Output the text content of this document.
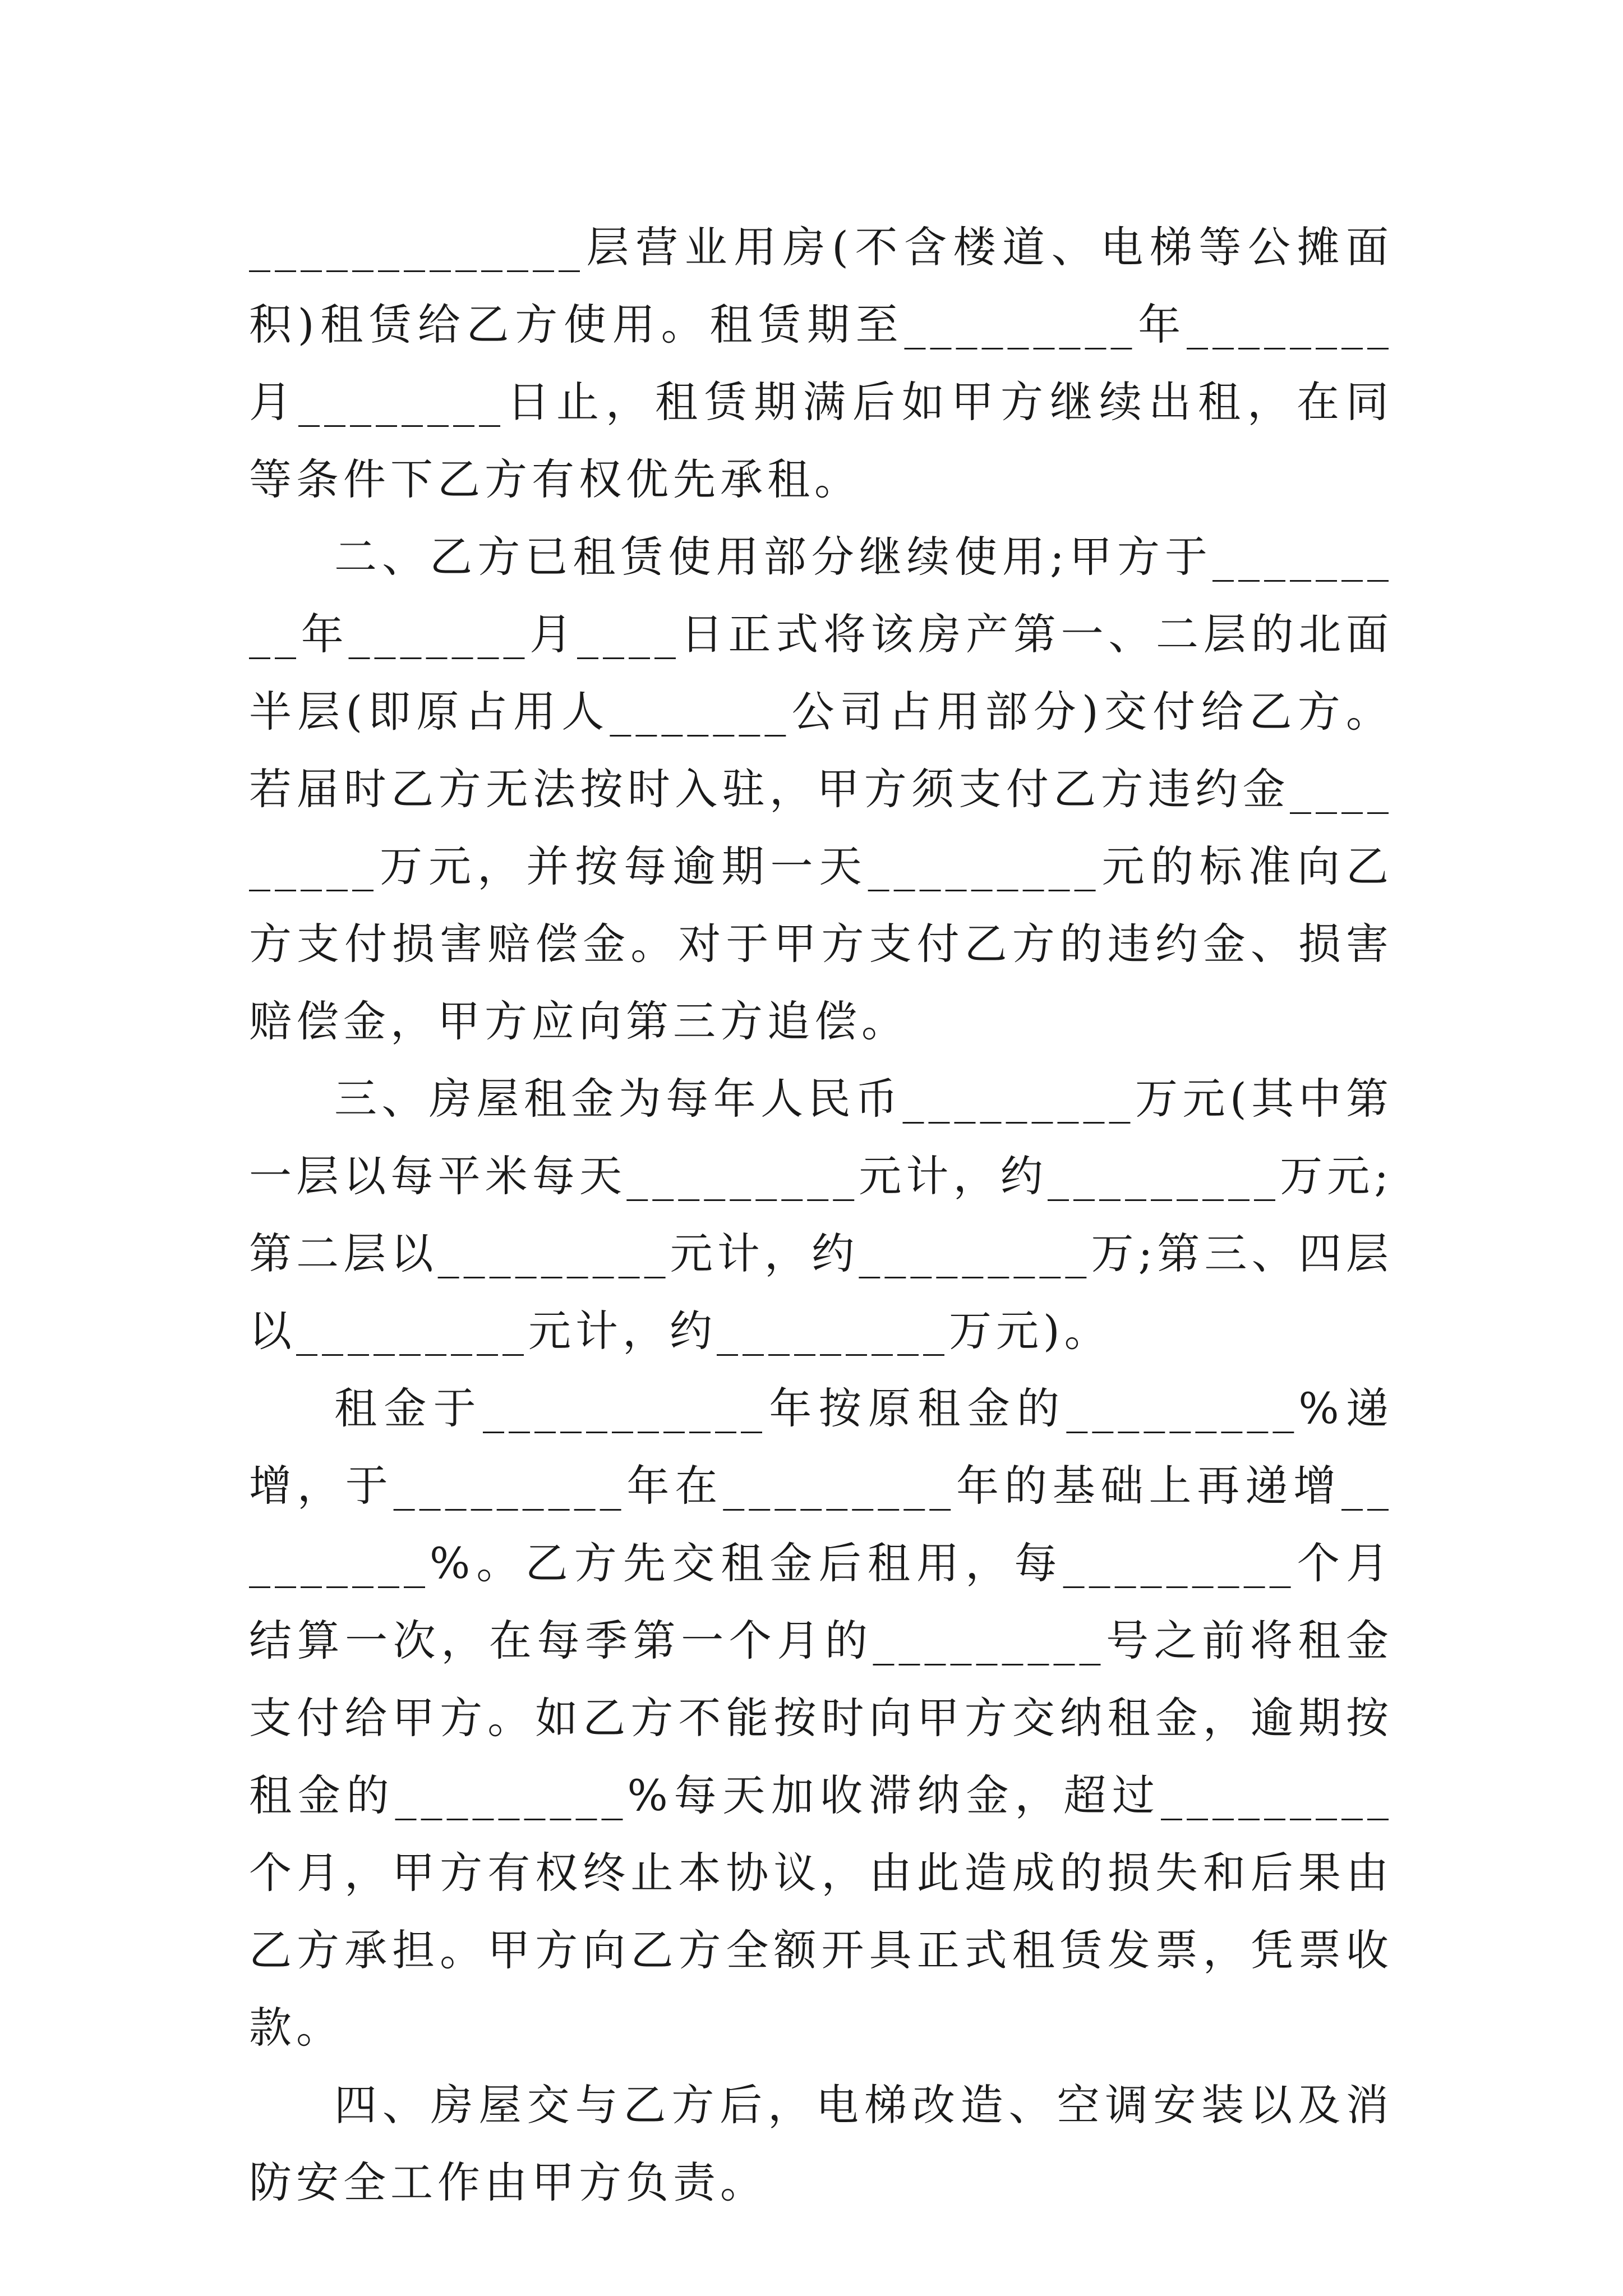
_____________层营业用房(不含楼道、电梯等公摊面积)租赁给乙方使用。租赁期至_________年________月________日止，租赁期满后如甲方继续出租，在同等条件下乙方有权优先承租。

二、乙方已租赁使用部分继续使用;甲方于_________年_______月____日正式将该房产第一、二层的北面半层(即原占用人_______公司占用部分)交付给乙方。若届时乙方无法按时入驻，甲方须支付乙方违约金_________万元，并按每逾期一天_________元的标准向乙方支付损害赔偿金。对于甲方支付乙方的违约金、损害赔偿金，甲方应向第三方追偿。

三、房屋租金为每年人民币_________万元(其中第一层以每平米每天_________元计，约_________万元;第二层以_________元计，约_________万;第三、四层以_________元计，约_________万元)。

租金于___________年按原租金的_________%递增，于_________年在_________年的基础上再递增_________%。乙方先交租金后租用，每_________个月结算一次，在每季第一个月的_________号之前将租金支付给甲方。如乙方不能按时向甲方交纳租金，逾期按租金的_________%每天加收滞纳金，超过_________个月，甲方有权终止本协议，由此造成的损失和后果由乙方承担。甲方向乙方全额开具正式租赁发票，凭票收款。

四、房屋交与乙方后，电梯改造、空调安装以及消防安全工作由甲方负责。
